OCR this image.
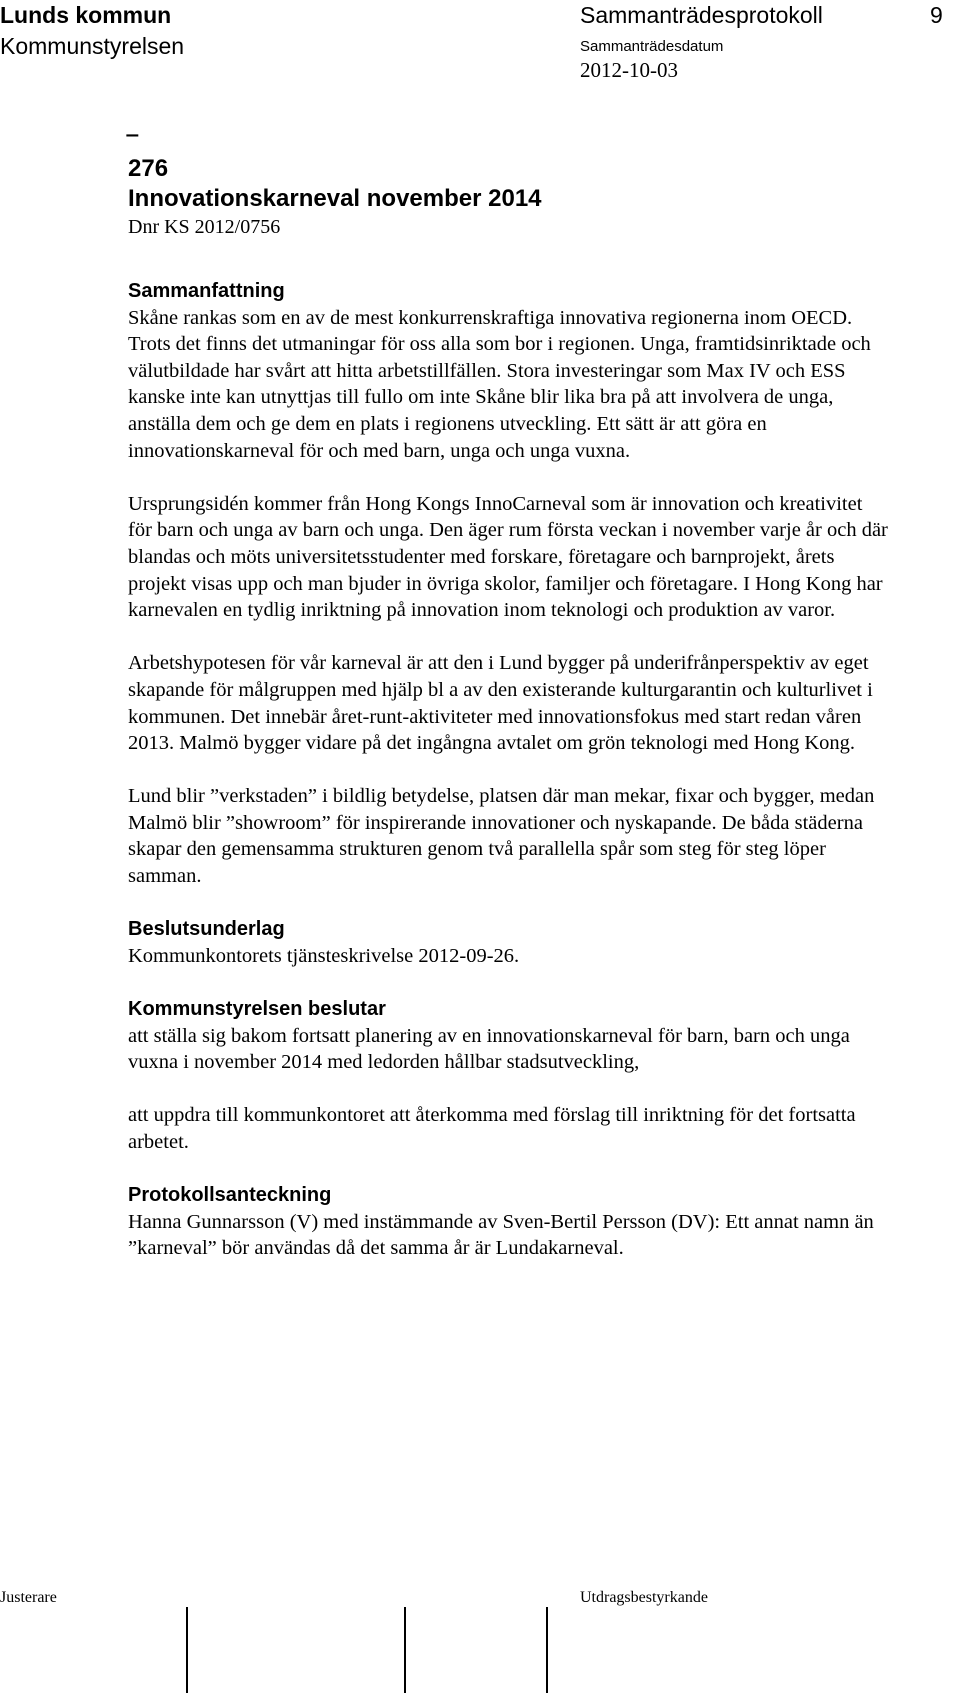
Lunds kommun
Kommunstyrelsen
Sammanträdesprotokoll	9
Sammanträdesdatum
2012-10-03
‾
276
Innovationskarneval november 2014
Dnr KS 2012/0756
Sammanfattning

Skåne rankas som en av de mest konkurrenskraftiga innovativa regionerna inom OECD. Trots det finns det utmaningar för oss alla som bor i regionen. Unga, framtidsinriktade och välutbildade har svårt att hitta arbetstillfällen. Stora investeringar som Max IV och ESS kanske inte kan utnyttjas till fullo om inte Skåne blir lika bra på att involvera de unga, anställa dem och ge dem en plats i regionens utveckling. Ett sätt är att göra en innovationskarneval för och med barn, unga och unga vuxna.

Ursprungsidén kommer från Hong Kongs InnoCarneval som är innovation och kreativitet för barn och unga av barn och unga. Den äger rum första veckan i november varje år och där blandas och möts universitetsstudenter med forskare, företagare och barnprojekt, årets projekt visas upp och man bjuder in övriga skolor, familjer och företagare. I Hong Kong har karnevalen en tydlig inriktning på innovation inom teknologi och produktion av varor.

Arbetshypotesen för vår karneval är att den i Lund bygger på underifrånperspektiv av eget skapande för målgruppen med hjälp bl a av den existerande kulturgarantin och kulturlivet i kommunen. Det innebär året-runt-aktiviteter med innovationsfokus med start redan våren 2013. Malmö bygger vidare på det ingångna avtalet om grön teknologi med Hong Kong.

Lund blir ”verkstaden” i bildlig betydelse, platsen där man mekar, fixar och bygger, medan Malmö blir ”showroom” för inspirerande innovationer och nyskapande. De båda städerna skapar den gemensamma strukturen genom två parallella spår som steg för steg löper samman.

Beslutsunderlag

Kommunkontorets tjänsteskrivelse 2012-09-26.

Kommunstyrelsen beslutar

att ställa sig bakom fortsatt planering av en innovationskarneval för barn, barn och unga vuxna i november 2014 med ledorden hållbar stadsutveckling,

att uppdra till kommunkontoret att återkomma med förslag till inriktning för det fortsatta arbetet.

Protokollsanteckning

Hanna Gunnarsson (V) med instämmande av Sven-Bertil Persson (DV): Ett annat namn än ”karneval” bör användas då det samma år är Lundakarneval.

Justerare	Utdragsbestyrkande
